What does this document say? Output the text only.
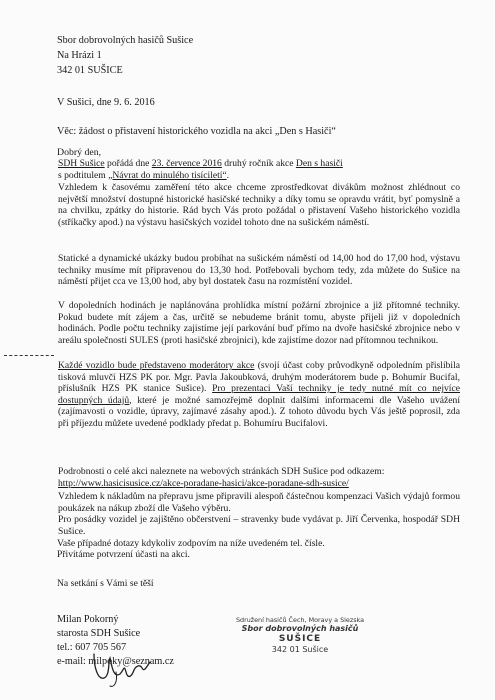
Sbor dobrovolných hasičů Sušice
Na Hrázi 1
342 01 SUŠICE
V Sušici, dne 9. 6. 2016
Věc: žádost o přistavení historického vozidla na akci „Den s Hasiči“
Dobrý den,
SDH Sušice pořádá dne 23. července 2016 druhý ročník akce Den s hasiči
s podtitulem „Návrat do minulého tisíciletí“.
Vzhledem k časovému zaměření této akce chceme zprostředkovat divákům možnost zhlédnout co největší množství dostupné historické hasičské techniky a díky tomu se opravdu vrátit, byť pomyslně a na chvilku, zpátky do historie. Rád bych Vás proto požádal o přistavení Vašeho historického vozidla (stříkačky apod.) na výstavu hasičských vozidel tohoto dne na sušickém náměstí.
Statické a dynamické ukázky budou probíhat na sušickém náměstí od 14,00 hod do 17,00 hod, výstavu techniky musíme mít připravenou do 13,30 hod. Potřebovali bychom tedy, zda můžete do Sušice na náměstí přijet cca ve 13,00 hod, aby byl dostatek času na rozmístění vozidel.
V dopoledních hodinách je naplánována prohlídka místní požární zbrojnice a již přítomné techniky. Pokud budete mít zájem a čas, určitě se nebudeme bránit tomu, abyste přijeli již v dopoledních hodinách. Podle počtu techniky zajistíme její parkování buď přímo na dvoře hasičské zbrojnice nebo v areálu společnosti SULES (proti hasičské zbrojnici), kde zajistíme dozor nad přítomnou technikou.
Každé vozidlo bude představeno moderátory akce (svojí účast coby průvodkyně odpoledním přislíbila tisková mluvčí HZS PK por. Mgr. Pavla Jakoubková, druhým moderátorem bude p. Bohumír Bucifal, příslušník HZS PK stanice Sušice). Pro prezentaci Vaší techniky je tedy nutné mít co nejvíce dostupných údajů, které je možné samozřejmě doplnit dalšími informacemi dle Vašeho uvážení (zajímavosti o vozidle, úpravy, zajímavé zásahy apod.). Z tohoto důvodu bych Vás ještě poprosil, zda při příjezdu můžete uvedené podklady předat p. Bohumíru Bucifalovi.
Podrobnosti o celé akci naleznete na webových stránkách SDH Sušice pod odkazem:
http://www.hasicisusice.cz/akce-poradane-hasici/akce-poradane-sdh-susice/
Vzhledem k nákladům na přepravu jsme připravili alespoň částečnou kompenzaci Vašich výdajů formou poukázek na nákup zboží dle Vašeho výběru.
Pro posádky vozidel je zajištěno občerstvení – stravenky bude vydávat p. Jiří Červenka, hospodář SDH Sušice.
Vaše případné dotazy kdykoliv zodpovím na níže uvedeném tel. čísle.
Přivítáme potvrzení účasti na akci.
Na setkání s Vámi se těší
Milan Pokorný
starosta SDH Sušice
tel.: 607 705 567
e-mail: milpoky@seznam.cz
Sdružení hasičů Čech, Moravy a Slezska
Sbor dobrovolných hasičů
SUŠICE
342 01 Sušice
